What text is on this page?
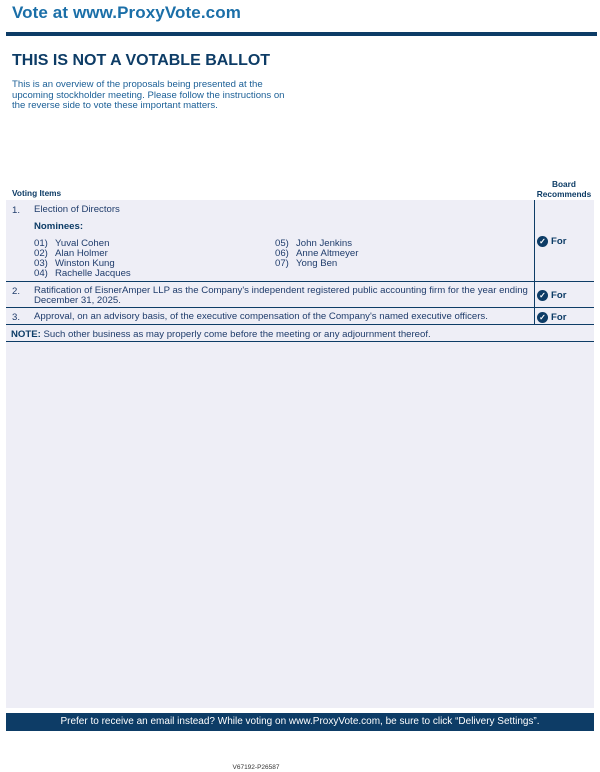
Vote at www.ProxyVote.com
THIS IS NOT A VOTABLE BALLOT
This is an overview of the proposals being presented at the
upcoming stockholder meeting. Please follow the instructions on
the reverse side to vote these important matters.
Voting Items
Board
Recommends
1. Election of Directors
Nominees:
01) Yuval Cohen
02) Alan Holmer
03) Winston Kung
04) Rachelle Jacques
05) John Jenkins
06) Anne Altmeyer
07) Yong Ben
✓ For
2. Ratification of EisnerAmper LLP as the Company's independent registered public accounting firm for the year ending
December 31, 2025.	✓ For
3. Approval, on an advisory basis, of the executive compensation of the Company's named executive officers.	✓ For
NOTE: Such other business as may properly come before the meeting or any adjournment thereof.
Prefer to receive an email instead? While voting on www.ProxyVote.com, be sure to click “Delivery Settings”.
V67192-P26587
